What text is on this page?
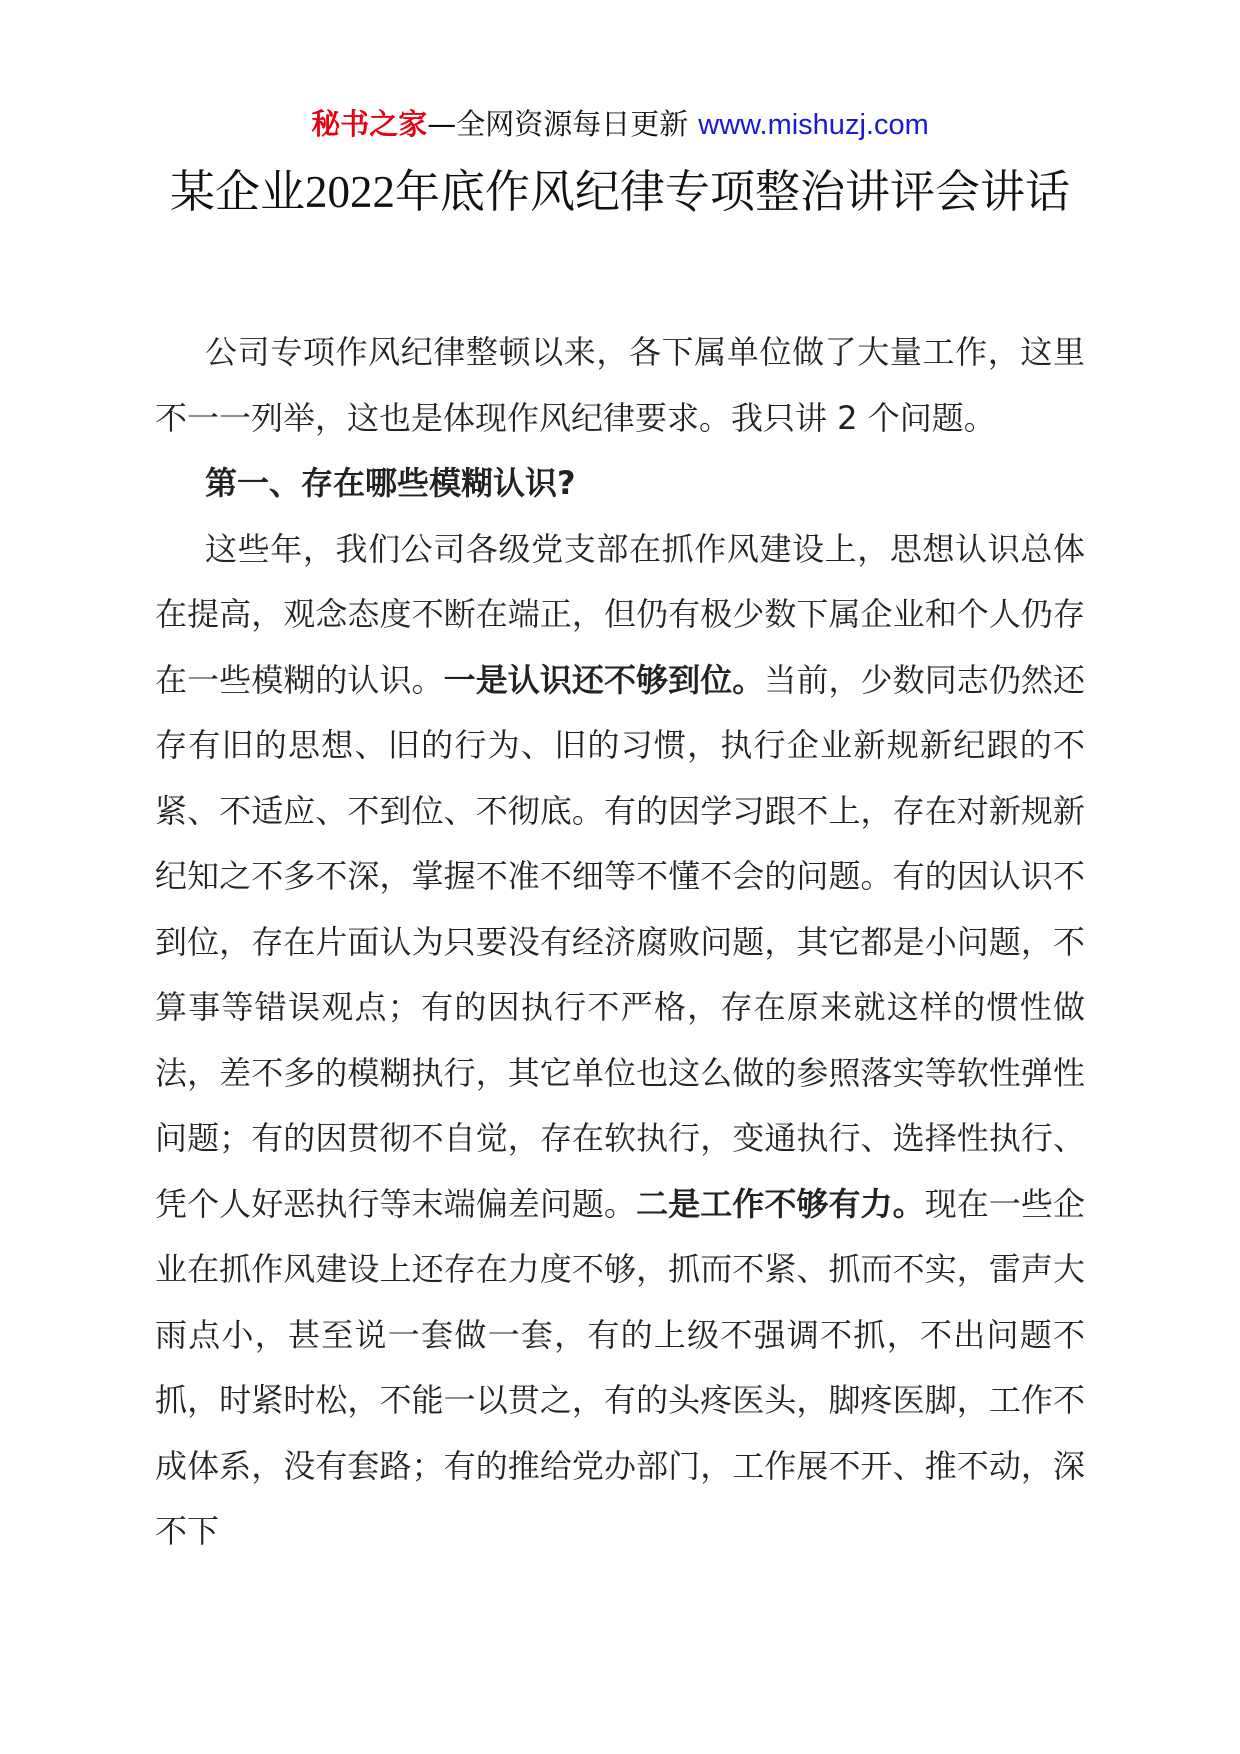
秘书之家—全网资源每日更新 www.mishuzj.com
某企业2022年底作风纪律专项整治讲评会讲话

公司专项作风纪律整顿以来，各下属单位做了大量工作，这里不一一列举，这也是体现作风纪律要求。我只讲 2 个问题。

第一、存在哪些模糊认识?

这些年，我们公司各级党支部在抓作风建设上，思想认识总体在提高，观念态度不断在端正，但仍有极少数下属企业和个人仍存在一些模糊的认识。一是认识还不够到位。当前，少数同志仍然还存有旧的思想、旧的行为、旧的习惯，执行企业新规新纪跟的不紧、不适应、不到位、不彻底。有的因学习跟不上，存在对新规新纪知之不多不深，掌握不准不细等不懂不会的问题。有的因认识不到位，存在片面认为只要没有经济腐败问题，其它都是小问题，不算事等错误观点；有的因执行不严格，存在原来就这样的惯性做法，差不多的模糊执行，其它单位也这么做的参照落实等软性弹性问题；有的因贯彻不自觉，存在软执行，变通执行、选择性执行、凭个人好恶执行等末端偏差问题。二是工作不够有力。现在一些企业在抓作风建设上还存在力度不够，抓而不紧、抓而不实，雷声大雨点小，甚至说一套做一套，有的上级不强调不抓，不出问题不抓，时紧时松，不能一以贯之，有的头疼医头，脚疼医脚，工作不成体系，没有套路；有的推给党办部门，工作展不开、推不动，深不下
